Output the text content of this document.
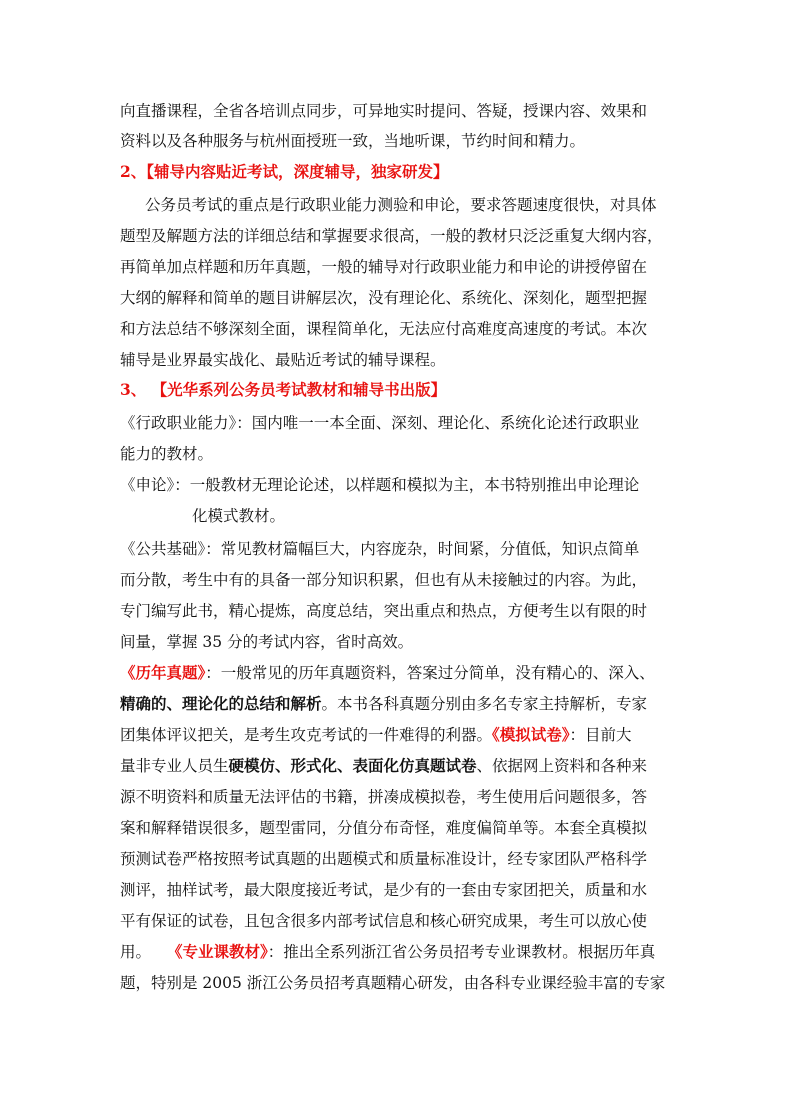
向直播课程，全省各培训点同步，可异地实时提问、答疑，授课内容、效果和
资料以及各种服务与杭州面授班一致，当地听课，节约时间和精力。
2、【辅导内容贴近考试，深度辅导，独家研发】
公务员考试的重点是行政职业能力测验和申论，要求答题速度很快，对具体
题型及解题方法的详细总结和掌握要求很高，一般的教材只泛泛重复大纲内容，
再简单加点样题和历年真题，一般的辅导对行政职业能力和申论的讲授停留在
大纲的解释和简单的题目讲解层次，没有理论化、系统化、深刻化，题型把握
和方法总结不够深刻全面，课程简单化，无法应付高难度高速度的考试。本次
辅导是业界最实战化、最贴近考试的辅导课程。
3、 【光华系列公务员考试教材和辅导书出版】
《行政职业能力》：国内唯一一本全面、深刻、理论化、系统化论述行政职业
能力的教材。
《申论》：一般教材无理论论述，以样题和模拟为主，本书特别推出申论理论
化模式教材。
《公共基础》：常见教材篇幅巨大，内容庞杂，时间紧，分值低，知识点简单
而分散，考生中有的具备一部分知识积累，但也有从未接触过的内容。为此，
专门编写此书，精心提炼，高度总结，突出重点和热点，方便考生以有限的时
间量，掌握 35 分的考试内容，省时高效。
《历年真题》：一般常见的历年真题资料，答案过分简单，没有精心的、深入、
精确的、理论化的总结和解析。本书各科真题分别由多名专家主持解析，专家
团集体评议把关，是考生攻克考试的一件难得的利器。《模拟试卷》：目前大
量非专业人员生硬模仿、形式化、表面化仿真题试卷、依据网上资料和各种来
源不明资料和质量无法评估的书籍，拼凑成模拟卷，考生使用后问题很多，答
案和解释错误很多，题型雷同，分值分布奇怪，难度偏简单等。本套全真模拟
预测试卷严格按照考试真题的出题模式和质量标准设计，经专家团队严格科学
测评，抽样试考，最大限度接近考试，是少有的一套由专家团把关，质量和水
平有保证的试卷，且包含很多内部考试信息和核心研究成果，考生可以放心使
用。 《专业课教材》：推出全系列浙江省公务员招考专业课教材。根据历年真
题，特别是 2005 浙江公务员招考真题精心研发，由各科专业课经验丰富的专家
